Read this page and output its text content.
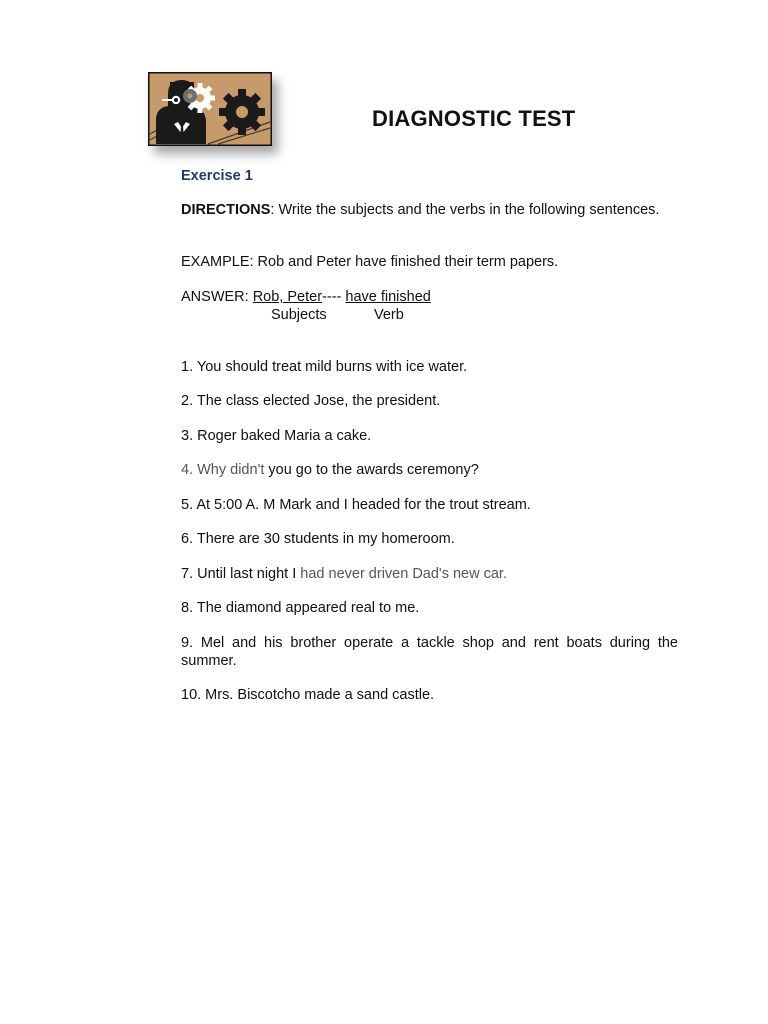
DIAGNOSTIC TEST
Exercise 1
DIRECTIONS: Write the subjects and the verbs in the following sentences.
EXAMPLE: Rob and Peter have finished their term papers.
ANSWER: Rob, Peter---- have finished
Subjects	Verb
1. You should treat mild burns with ice water.
2. The class elected Jose, the president.
3. Roger baked Maria a cake.
4. Why didn't you go to the awards ceremony?
5. At 5:00 A. M Mark and I headed for the trout stream.
6. There are 30 students in my homeroom.
7. Until last night I had never driven Dad's new car.
8. The diamond appeared real to me.
9. Mel and his brother operate a tackle shop and rent boats during the summer.
10. Mrs. Biscotcho made a sand castle.
